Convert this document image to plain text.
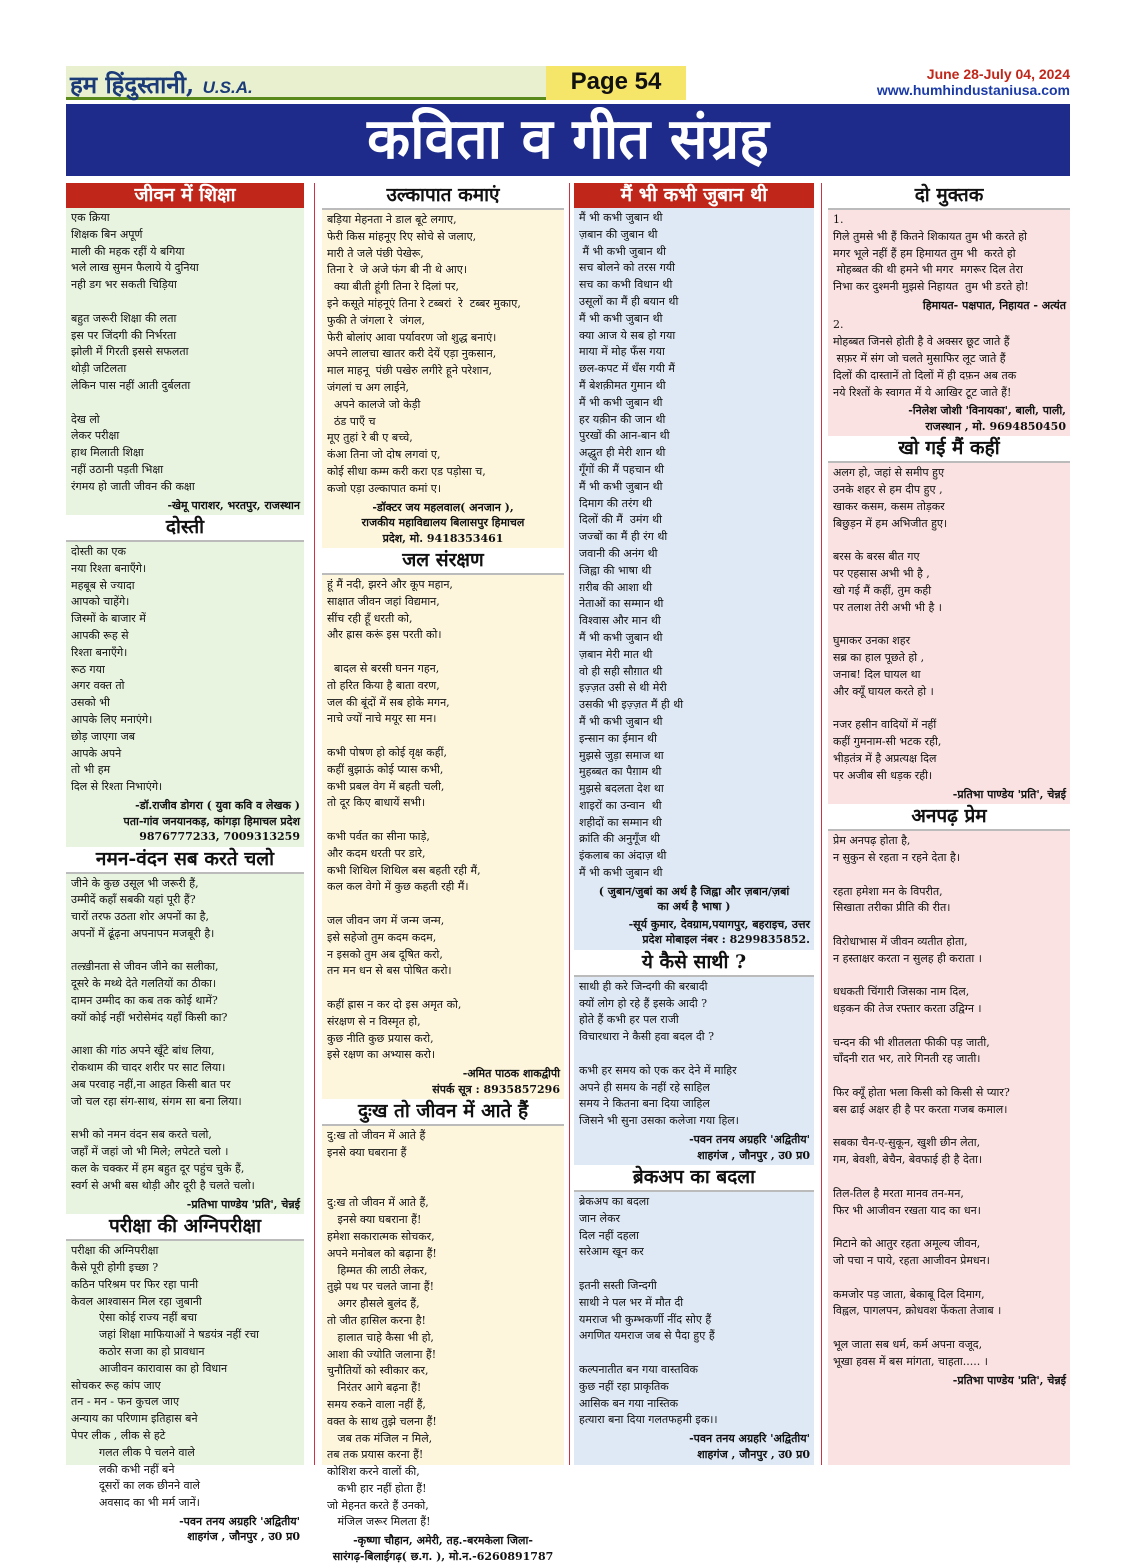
हम हिंदुस्तानी, U.S.A.	Page 54	June 28-July 04, 2024
www.humhindustaniusa.com
कविता व गीत संग्रह
जीवन में शिक्षा
एक क्रिया
शिक्षक बिन अपूर्ण
माली की महक रहीं ये बगिया
भले लाख सुमन फैलाये ये दुनिया
नही डग भर सकती चिड़िया

बहुत जरूरी शिक्षा की लता
इस पर जिंदगी की निर्भरता
झोली में गिरती इससे सफलता
थोड़ी जटिलता
लेकिन पास नहीं आती दुर्बलता

देख लो
लेकर परीक्षा
हाथ मिलाती शिक्षा
नहीं उठानी पड़ती भिक्षा
रंगमय हो जाती जीवन की कक्षा
-खेमू पाराशर, भरतपुर, राजस्थान
दोस्ती
दोस्ती का एक
नया रिश्ता बनाएँगे।
महबूब से ज्यादा
आपको चाहेंगे।
जिस्मों के बाजार में
आपकी रूह से
रिश्ता बनाएँगे।
रूठ गया
अगर वक्त तो
उसको भी
आपके लिए मनाएंगे।
छोड़ जाएगा जब
आपके अपने
तो भी हम
दिल से रिश्ता निभाएंगे।
-डॉ.राजीव डोगरा ( युवा कवि व लेखक )
पता-गांव जनयानकड़, कांगड़ा हिमाचल प्रदेश
9876777233, 7009313259
नमन-वंदन सब करते चलो
जीने के कुछ उसूल भी जरूरी हैं,
उम्मीदें कहाँ सबकी यहां पूरी हैं?
चारों तरफ उठता शोर अपनों का है,
अपनों में ढूंढ़ना अपनापन मजबूरी है।

तल्ख़ीनता से जीवन जीने का सलीका,
दूसरे के मथ्थे देते गलतियों का ठीका।
दामन उम्मीद का कब तक कोई थामें?
क्यों कोई नहीं भरोसेमंद यहाँ किसी का?

आशा की गांठ अपने खूँटे बांध लिया,
रोकथाम की चादर शरीर पर साट लिया।
अब परवाह नहीं,ना आहत किसी बात पर
जो चल रहा संग-साथ, संगम सा बना लिया।

सभी को नमन वंदन सब करते चलो,
जहाँ में जहां जो भी मिले; लपेटते चलो ।
कल के चक्कर में हम बहुत दूर पहुंच चुके हैं,
स्वर्ग से अभी बस थोड़ी और दूरी है चलते चलो।
-प्रतिभा पाण्डेय 'प्रति', चेन्नई
परीक्षा की अग्निपरीक्षा
परीक्षा की अग्निपरीक्षा
कैसे पूरी होगी इच्छा ?
कठिन परिश्रम पर फिर रहा पानी
केवल आश्वासन मिल रहा जुबानी
ऐसा कोई राज्य नहीं बचा
जहां शिक्षा माफियाओं ने षडयंत्र नहीं रचा
कठोर सजा का हो प्रावधान
आजीवन कारावास का हो विधान
सोचकर रूह कांप जाए
तन - मन - फन कुचल जाए
अन्याय का परिणाम इतिहास बने
पेपर लीक , लीक से हटे
गलत लीक पे चलने वाले
लकी कभी नहीं बने
दूसरों का लक छीनने वाले
अवसाद का भी मर्म जानें।
-पवन तनय अग्रहरि 'अद्वितीय'
शाहगंज , जौनपुर , उ0 प्र0
उल्कापात कमाएं
बड़िया मेहनता ने डाल बूटे लगाए,
फेरी किस मांहनूए रिए सोचे से जलाए,
मारी ते जले पंछी पेखेरू,
तिना रे  जे अजे फंग बी नी थे आए।
क्या बीती हूंगी तिना रे दिलां पर,
इने कसूते मांहनूएं तिना रे टब्बरां  रे  टब्बर मुकाए,
फुकी ते जंगला रे  जंगल,
फेरी बोलांए आवा पर्यावरण जो शुद्ध बनाएं।
अपने लालचा खातर करी देयें एड़ा नुकसान,
माल माहनू  पंछी पखेरु लगीरे हूने परेशान,
जंगलां च अग लाईने,
अपने कालजे जो केड़ी
ठंड पाएँ च
मूए तुहां रे बी ए बच्चे,
कंआ तिना जो दोष लगवां ए,
कोई सीधा कम्म करी करा एड पड़ोसा च,
कजो एड़ा उल्कापात कमां ए।
-डॉक्टर जय महलवाल( अनजान ),
राजकीय महाविद्यालय बिलासपुर हिमाचल
प्रदेश, मो. 9418353461
जल संरक्षण
हूं मैं नदी, झरने और कूप महान,
साक्षात जीवन जहां विद्यमान,
सींच रही हूँ धरती को,
और ह्रास करूं इस परती को।

बादल से बरसी घनन गहन,
तो हरित किया है बाता वरण,
जल की बूंदों में सब होके मगन,
नाचे ज्यों नाचे मयूर सा मन।

कभी पोषण हो कोई वृक्ष कहीं,
कहीं बुझाऊं कोई प्यास कभी,
कभी प्रबल वेग में बहती चली,
तो दूर किए बाधायें सभी।

कभी पर्वत का सीना फाड़े,
और कदम धरती पर डारे,
कभी शिथिल शिथिल बस बहती रही मैं,
कल कल वेगो में कुछ कहती रही मैं।

जल जीवन जग में जन्म जन्म,
इसे सहेजो तुम कदम कदम,
न इसको तुम अब दूषित करो,
तन मन धन से बस पोषित करो।

कहीं ह्रास न कर दो इस अमृत को,
संरक्षण से न विस्मृत हो,
कुछ नीति कुछ प्रयास करो,
इसे रक्षण का अभ्यास करो।
-अमित पाठक शाकद्वीपी
संपर्क सूत्र : 8935857296
दुःख तो जीवन में आते हैं
दु:ख तो जीवन में आते हैं
इनसे क्या घबराना हैं

दु:ख तो जीवन में आते हैं,
इनसे क्या घबराना हैं!
हमेशा सकारात्मक सोचकर,
अपने मनोबल को बढ़ाना हैं!
हिम्मत की लाठी लेकर,
तुझे पथ पर चलते जाना हैं!
अगर हौसले बुलंद हैं,
तो जीत हासिल करना है!
हालात चाहे कैसा भी हो,
आशा की ज्योति जलाना हैं!
चुनौतियों को स्वीकार कर,
निरंतर आगे बढ़ना हैं!
समय रुकने वाला नहीं हैं,
वक्त के साथ तुझे चलना हैं!
जब तक मंजिल न मिले,
तब तक प्रयास करना हैं!
कोशिश करने वालों की,
कभी हार नहीं होता हैं!
जो मेहनत करते हैं उनको,
मंजिल जरूर मिलता हैं!
-कृष्णा चौहान, अमेरी, तह.-बरमकेला जिला-
सारंगढ़-बिलाईगढ़( छ.ग. ), मो.न.-6260891787
मैं भी कभी जुबान थी
मैं भी कभी जुबान थी
ज़बान की जुबान थी
मैं भी कभी जुबान थी
सच बोलने को तरस गयी
सच का कभी विधान थी
उसूलों का मैं ही बयान थी
मैं भी कभी जुबान थी
क्या आज ये सब हो गया
माया में मोह फँस गया
छल-कपट में धँस गयी मैं
मैं बेशक़ीमत गुमान थी
मैं भी कभी जुबान थी
हर यक़ीन की जान थी
पुरखों की आन-बान थी
अद्धुत ही मेरी शान थी
गूँगों की मैं पहचान थी
मैं भी कभी जुबान थी
दिमाग की तरंग थी
दिलों की मैं  उमंग थी
जज्बों का मैं ही रंग थी
जवानी की अनंग थी
जिह्वा की भाषा थी
ग़रीब की आशा थी
नेताओं का सम्मान थी
विश्वास और मान थी
मैं भी कभी जुबान थी
ज़बान मेरी मात थी
वो ही सही सौग़ात थी
इज़्ज़त उसी से थी मेरी
उसकी भी इज़्ज़त मैं ही थी
मैं भी कभी जुबान थी
इन्सान का ईमान थी
मुझसे जुड़ा समाज था
मुहब्बत का पैग़ाम थी
मुझसे बदलता देश था
शाइरों का उन्वान  थी
शहीदों का सम्मान थी
क्रांति की अनुगूँज थी
इंकलाब का अंदाज़ थी
मैं भी कभी जुबान थी
( जुबान/जुबां का अर्थ है जिह्वा और ज़बान/ज़बां
का अर्थ है भाषा )
-सूर्य कुमार, देवग्राम,पयागपुर, बहराइच, उत्तर
प्रदेश मोबाइल नंबर : 8299835852.
ये कैसे साथी ?
साथी ही करे जिन्दगी की बरबादी
क्यों लोग हो रहे हैं इसके आदी ?
होते हैं कभी हर पल राजी
विचारधारा ने कैसी हवा बदल दी ?

कभी हर समय को एक कर देने में माहिर
अपने ही समय के नहीं रहे साहिल
समय ने कितना बना दिया जाहिल
जिसने भी सुना उसका कलेजा गया हिल।
-पवन तनय अग्रहरि 'अद्वितीय'
शाहगंज , जौनपुर , उ0 प्र0
ब्रेकअप का बदला
ब्रेकअप का बदला
जान लेकर
दिल नहीं दहला
सरेआम खून कर

इतनी सस्ती जिन्दगी
साथी ने पल भर में मौत दी
यमराज भी कुम्भकर्णी नींद सोए हैं
अगणित यमराज जब से पैदा हुए हैं

कल्पनातीत बन गया वास्तविक
कुछ नहीं रहा प्राकृतिक
आसिक बन गया नास्तिक
हत्यारा बना दिया गलतफहमी इक।।
-पवन तनय अग्रहरि 'अद्वितीय'
शाहगंज , जौनपुर , उ0 प्र0
दो मुक्तक
1.
गिले तुमसे भी हैं कितने शिकायत तुम भी करते हो
मगर भूले नहीं हैं हम हिमायत तुम भी  करते हो
मोहब्बत की थी हमने भी मगर  मगरूर दिल तेरा
निभा कर दुश्मनी मुझसे निहायत  तुम भी डरते हो!
हिमायत- पक्षपात, निहायत - अत्यंत
2.
मोहब्बत जिनसे होती है वे अक्सर छूट जाते हैं
सफ़र में संग जो चलते मुसाफिर लूट जाते हैं
दिलों की दास्तानें तो दिलों में ही दफ़न अब तक
नये रिश्तों के स्वागत में ये आखिर टूट जाते हैं!
-निलेश जोशी 'विनायका', बाली, पाली,
राजस्थान , मो. 9694850450
खो गई मैं कहीं
अलग हो, जहां से समीप हुए
उनके शहर से हम दीप हुए ,
खाकर कसम, कसम तोड़कर
बिछुड़न में हम अभिजीत हुए।

बरस के बरस बीत गए
पर एहसास अभी भी है ,
खो गई मैं कहीं, तुम कही
पर तलाश तेरी अभी भी है ।

घुमाकर उनका शहर
सब्र का हाल पूछते हो ,
जनाब! दिल घायल था
और क्यूँ घायल करते हो ।

नजर हसीन वादियों में नहीं
कहीं गुमनाम-सी भटक रही,
भीड़तंत्र में है अप्रत्यक्ष दिल
पर अजीब सी धड़क रही।
-प्रतिभा पाण्डेय 'प्रति', चेन्नई
अनपढ़ प्रेम
प्रेम अनपढ़ होता है,
न सुकुन से रहता न रहने देता है।

रहता हमेशा मन के विपरीत,
सिखाता तरीका प्रीति की रीत।

विरोधाभास में जीवन व्यतीत होता,
न हस्ताक्षर करता न सुलह ही कराता ।

धधकती चिंगारी जिसका नाम दिल,
धड़कन की तेज रफ्तार करता उद्विग्न ।

चन्दन की भी शीतलता फीकी पड़ जाती,
चाँदनी रात भर, तारे गिनती रह जाती।

फिर क्यूँ होता भला किसी को किसी से प्यार?
बस ढाई अक्षर ही है पर करता गजब कमाल।

सबका चैन-ए-सुकून, खुशी छीन लेता,
गम, बेवशी, बेचैन, बेवफाई ही है देता।

तिल-तिल है मरता मानव तन-मन,
फिर भी आजीवन रखता याद का धन।

मिटाने को आतुर रहता अमूल्य जीवन,
जो पचा न पाये, रहता आजीवन प्रेमधन।

कमजोर पड़ जाता, बेकाबू दिल दिमाग,
विह्वल, पागलपन, क्रोधवश फेंकता तेजाब ।

भूल जाता सब धर्म, कर्म अपना वजूद,
भूखा हवस में बस मांगता, चाहता..... ।
-प्रतिभा पाण्डेय 'प्रति', चेन्नई
